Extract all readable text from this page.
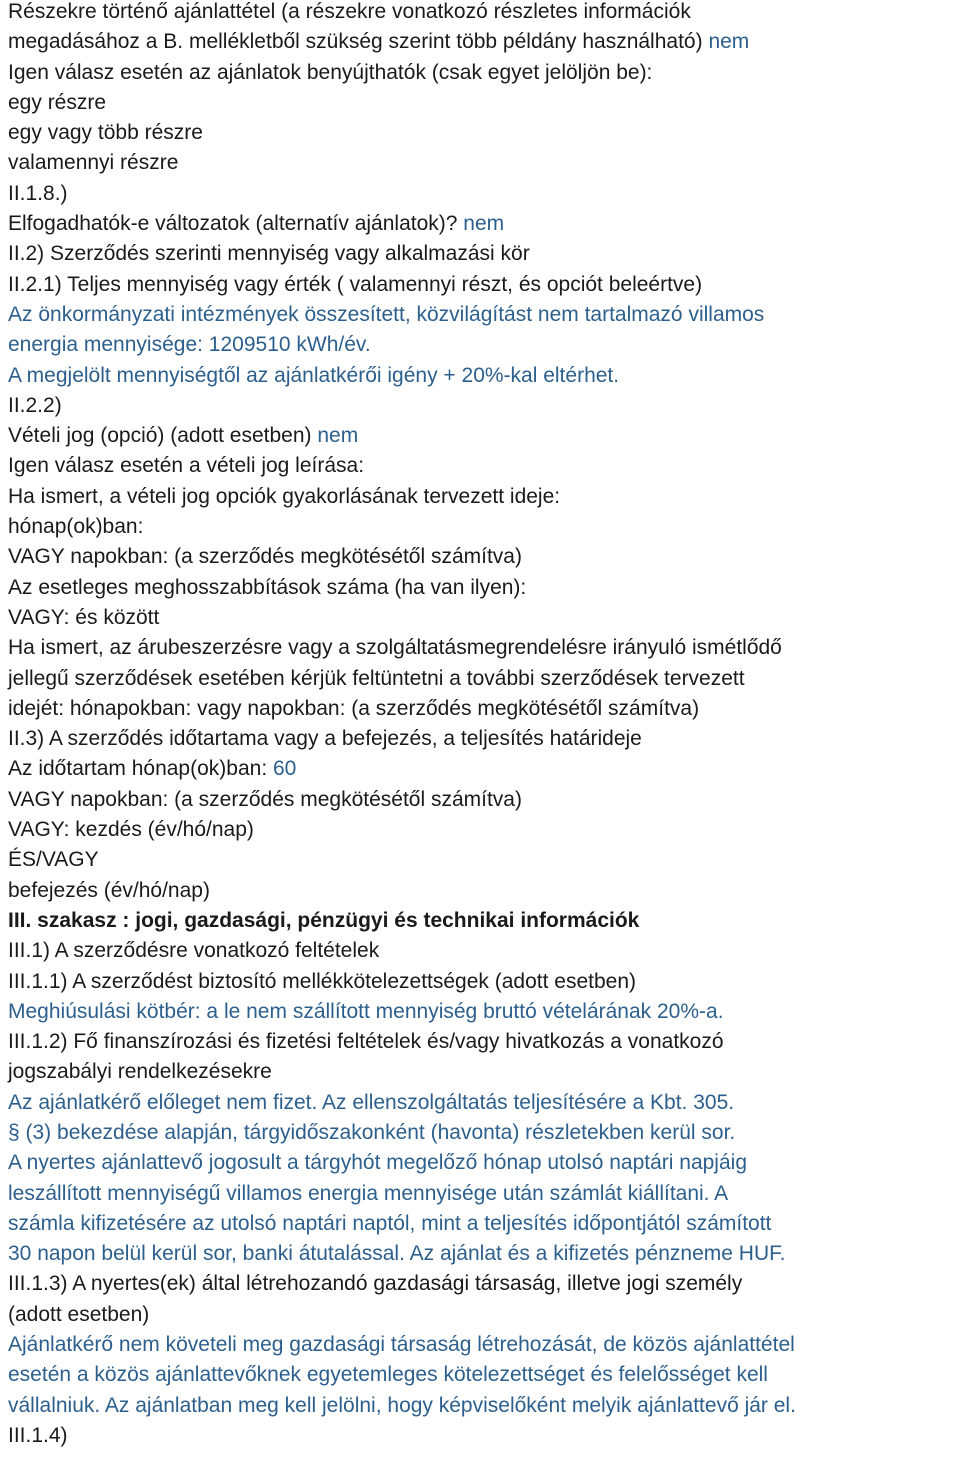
Részekre történő ajánlattétel (a részekre vonatkozó részletes információk
megadásához a B. mellékletből szükség szerint több példány használható) nem
Igen válasz esetén az ajánlatok benyújthatók (csak egyet jelöljön be):
egy részre
egy vagy több részre
valamennyi részre
II.1.8.)
Elfogadhatók-e változatok (alternatív ajánlatok)? nem
II.2) Szerződés szerinti mennyiség vagy alkalmazási kör
II.2.1) Teljes mennyiség vagy érték ( valamennyi részt, és opciót beleértve)
Az önkormányzati intézmények összesített, közvilágítást nem tartalmazó villamos
energia mennyisége: 1209510 kWh/év.
A megjelölt mennyiségtől az ajánlatkérői igény + 20%-kal eltérhet.
II.2.2)
Vételi jog (opció) (adott esetben) nem
Igen válasz esetén a vételi jog leírása:
Ha ismert, a vételi jog opciók gyakorlásának tervezett ideje:
hónap(ok)ban:
VAGY napokban: (a szerződés megkötésétől számítva)
Az esetleges meghosszabbítások száma (ha van ilyen):
VAGY: és között
Ha ismert, az árubeszerzésre vagy a szolgáltatásmegrendelésre irányuló ismétlődő
jellegű szerződések esetében kérjük feltüntetni a további szerződések tervezett
idejét: hónapokban: vagy napokban: (a szerződés megkötésétől számítva)
II.3) A szerződés időtartama vagy a befejezés, a teljesítés határideje
Az időtartam hónap(ok)ban: 60
VAGY napokban: (a szerződés megkötésétől számítva)
VAGY: kezdés (év/hó/nap)
ÉS/VAGY
befejezés (év/hó/nap)
III. szakasz : jogi, gazdasági, pénzügyi és technikai információk
III.1) A szerződésre vonatkozó feltételek
III.1.1) A szerződést biztosító mellékkötelezettségek (adott esetben)
Meghiúsulási kötbér: a le nem szállított mennyiség bruttó vételárának 20%-a.
III.1.2) Fő finanszírozási és fizetési feltételek és/vagy hivatkozás a vonatkozó
jogszabályi rendelkezésekre
Az ajánlatkérő előleget nem fizet. Az ellenszolgáltatás teljesítésére a Kbt. 305.
§ (3) bekezdése alapján, tárgyidőszakonként (havonta) részletekben kerül sor.
A nyertes ajánlattevő jogosult a tárgyhót megelőző hónap utolsó naptári napjáig
leszállított mennyiségű villamos energia mennyisége után számlát kiállítani. A
számla kifizetésére az utolsó naptári naptól, mint a teljesítés időpontjától számított
30 napon belül kerül sor, banki átutalással. Az ajánlat és a kifizetés pénzneme HUF.
III.1.3) A nyertes(ek) által létrehozandó gazdasági társaság, illetve jogi személy
(adott esetben)
Ajánlatkérő nem követeli meg gazdasági társaság létrehozását, de közös ajánlattétel
esetén a közös ajánlattevőknek egyetemleges kötelezettséget és felelősséget kell
vállalniuk. Az ajánlatban meg kell jelölni, hogy képviselőként melyik ajánlattevő jár el.
III.1.4)
